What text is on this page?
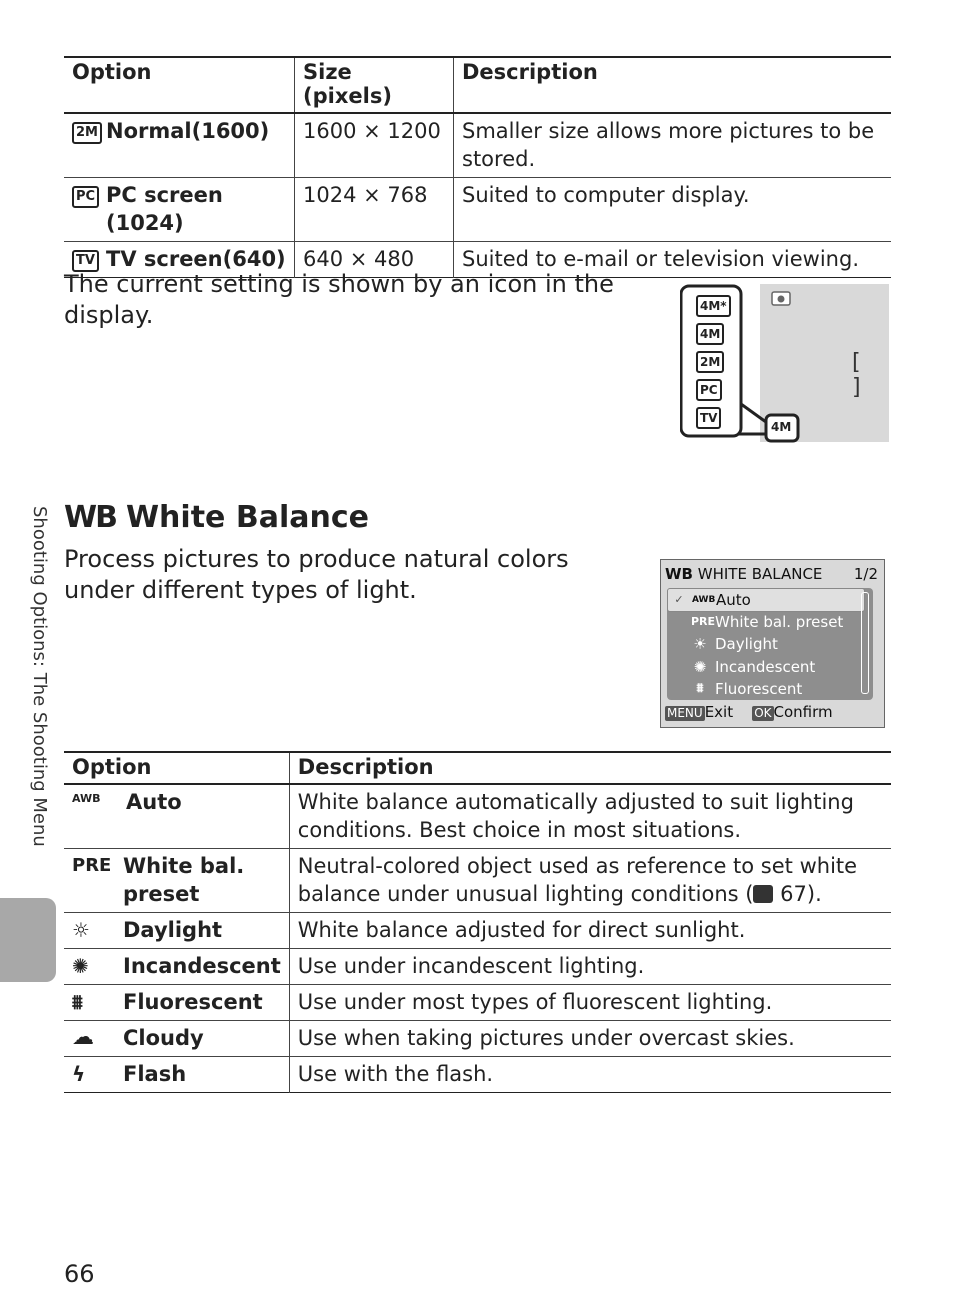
Option	Size (pixels)	Description

2M Normal(1600)	1600 × 1200	Smaller size allows more pictures to be stored.

PC PC screen (1024)	1024 × 768	Suited to computer display.

TV TV screen(640)	640 × 480	Suited to e-mail or television viewing.
The current setting is shown by an icon in the display.	4M*
4M
2M
PC
TV
4M
[ ]
WB White Balance
Process pictures to produce natural colors under different types of light.
WB WHITE BALANCE 1/2
✓ AWB Auto
PRE White bal. preset
☀ Daylight
✺ Incandescent
⩩ Fluorescent
MENU Exit OK Confirm
Option	Description

AWB Auto	White balance automatically adjusted to suit lighting conditions. Best choice in most situations.

PRE White bal. preset	Neutral-colored object used as reference to set white balance under unusual lighting conditions ( 67).

☼ Daylight	White balance adjusted for direct sunlight.

✺ Incandescent	Use under incandescent lighting.

⩩ Fluorescent	Use under most types of fluorescent lighting.

☁ Cloudy	Use when taking pictures under overcast skies.

ϟ Flash	Use with the flash.
Shooting Options: The Shooting Menu
66
